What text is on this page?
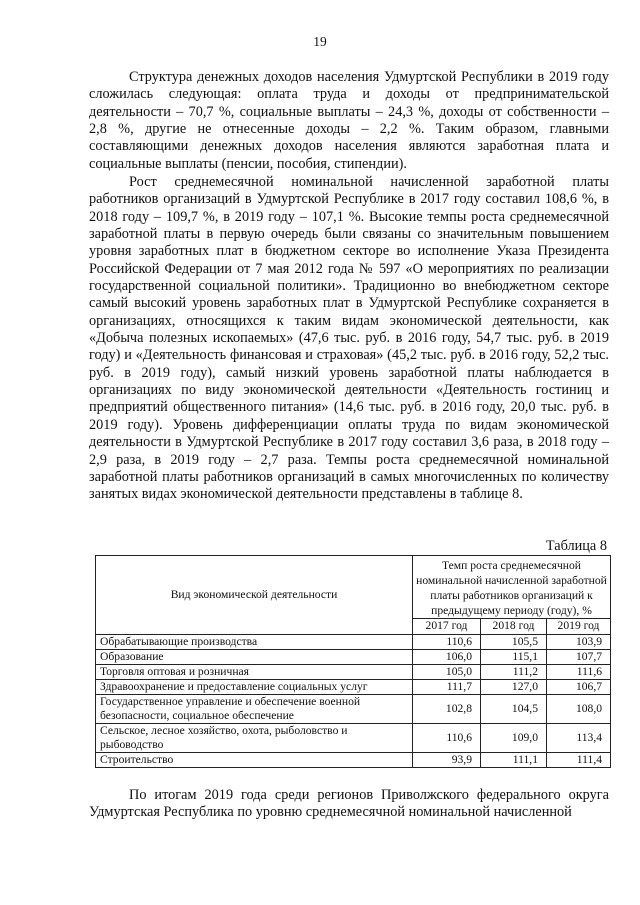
19

Структура денежных доходов населения Удмуртской Республики в 2019 году сложилась следующая: оплата труда и доходы от предпринимательской деятельности – 70,7 %, социальные выплаты – 24,3 %, доходы от собственности – 2,8 %, другие не отнесенные доходы – 2,2 %. Таким образом, главными составляющими денежных доходов населения являются заработная плата и социальные выплаты (пенсии, пособия, стипендии).

Рост среднемесячной номинальной начисленной заработной платы работников организаций в Удмуртской Республике в 2017 году составил 108,6 %, в 2018 году – 109,7 %, в 2019 году – 107,1 %. Высокие темпы роста среднемесячной заработной платы в первую очередь были связаны со значительным повышением уровня заработных плат в бюджетном секторе во исполнение Указа Президента Российской Федерации от 7 мая 2012 года № 597 «О мероприятиях по реализации государственной социальной политики». Традиционно во внебюджетном секторе самый высокий уровень заработных плат в Удмуртской Республике сохраняется в организациях, относящихся к таким видам экономической деятельности, как «Добыча полезных ископаемых» (47,6 тыс. руб. в 2016 году, 54,7 тыс. руб. в 2019 году) и «Деятельность финансовая и страховая» (45,2 тыс. руб. в 2016 году, 52,2 тыс. руб. в 2019 году), самый низкий уровень заработной платы наблюдается в организациях по виду экономической деятельности «Деятельность гостиниц и предприятий общественного питания» (14,6 тыс. руб. в 2016 году, 20,0 тыс. руб. в 2019 году). Уровень дифференциации оплаты труда по видам экономической деятельности в Удмуртской Республике в 2017 году составил 3,6 раза, в 2018 году – 2,9 раза, в 2019 году – 2,7 раза. Темпы роста среднемесячной номинальной заработной платы работников организаций в самых многочисленных по количеству занятых видах экономической деятельности представлены в таблице 8.

Таблица 8
Вид экономической деятельности	Темп роста среднемесячной номинальной начисленной заработной платы работников организаций к предыдущему периоду (году), %		
	2017 год	2018 год	2019 год
Обрабатывающие производства	110,6	105,5	103,9
Образование	106,0	115,1	107,7
Торговля оптовая и розничная	105,0	111,2	111,6
Здравоохранение и предоставление социальных услуг	111,7	127,0	106,7
Государственное управление и обеспечение военной безопасности, социальное обеспечение	102,8	104,5	108,0
Сельское, лесное хозяйство, охота, рыболовство и рыбоводство	110,6	109,0	113,4
Строительство	93,9	111,1	111,4

По итогам 2019 года среди регионов Приволжского федерального округа Удмуртская Республика по уровню среднемесячной номинальной начисленной
